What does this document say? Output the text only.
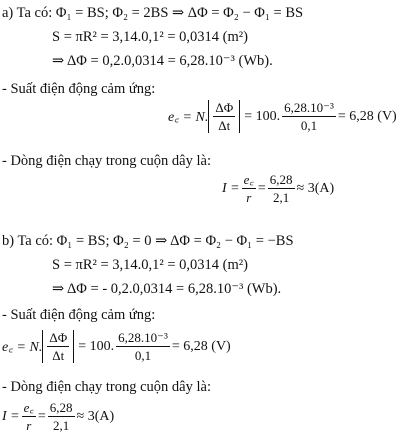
a) Ta có: Φ₁ = BS; Φ₂ = 2BS ⇒ ΔΦ = Φ₂ − Φ₁ = BS
S = πR² = 3,14.0,1² = 0,0314 (m²)
⇒ ΔΦ = 0,2.0,0314 = 6,28.10⁻³ (Wb).
- Suất điện động cảm ứng:
e꜀ = N. $\frac{\Delta\Phi}{\Delta t} = 100$. $\frac{\text{6,28.10⁻³}}{0,1} = 6,28$ (V)
- Dòng điện chạy trong cuộn dây là:
$I = \frac{e꜀}{r} = \frac{6,28}{2,1} \approx 3(A)$
b) Ta có: Φ₁ = BS; Φ₂ = 0 ⇒ ΔΦ = Φ₂ − Φ₁ = −BS
S = πR² = 3,14.0,1² = 0,0314 (m²)
⇒ ΔΦ = - 0,2.0,0314 = 6,28.10⁻³ (Wb).
- Suất điện động cảm ứng:
e꜀ = N. $\frac{\Delta\Phi}{\Delta t} = 100$. $\frac{\text{6,28.10⁻³}}{0,1} = 6,28$ (V)
- Dòng điện chạy trong cuộn dây là:
$I = \frac{e꜀}{r} = \frac{6,28}{2,1} \approx 3(A)$
